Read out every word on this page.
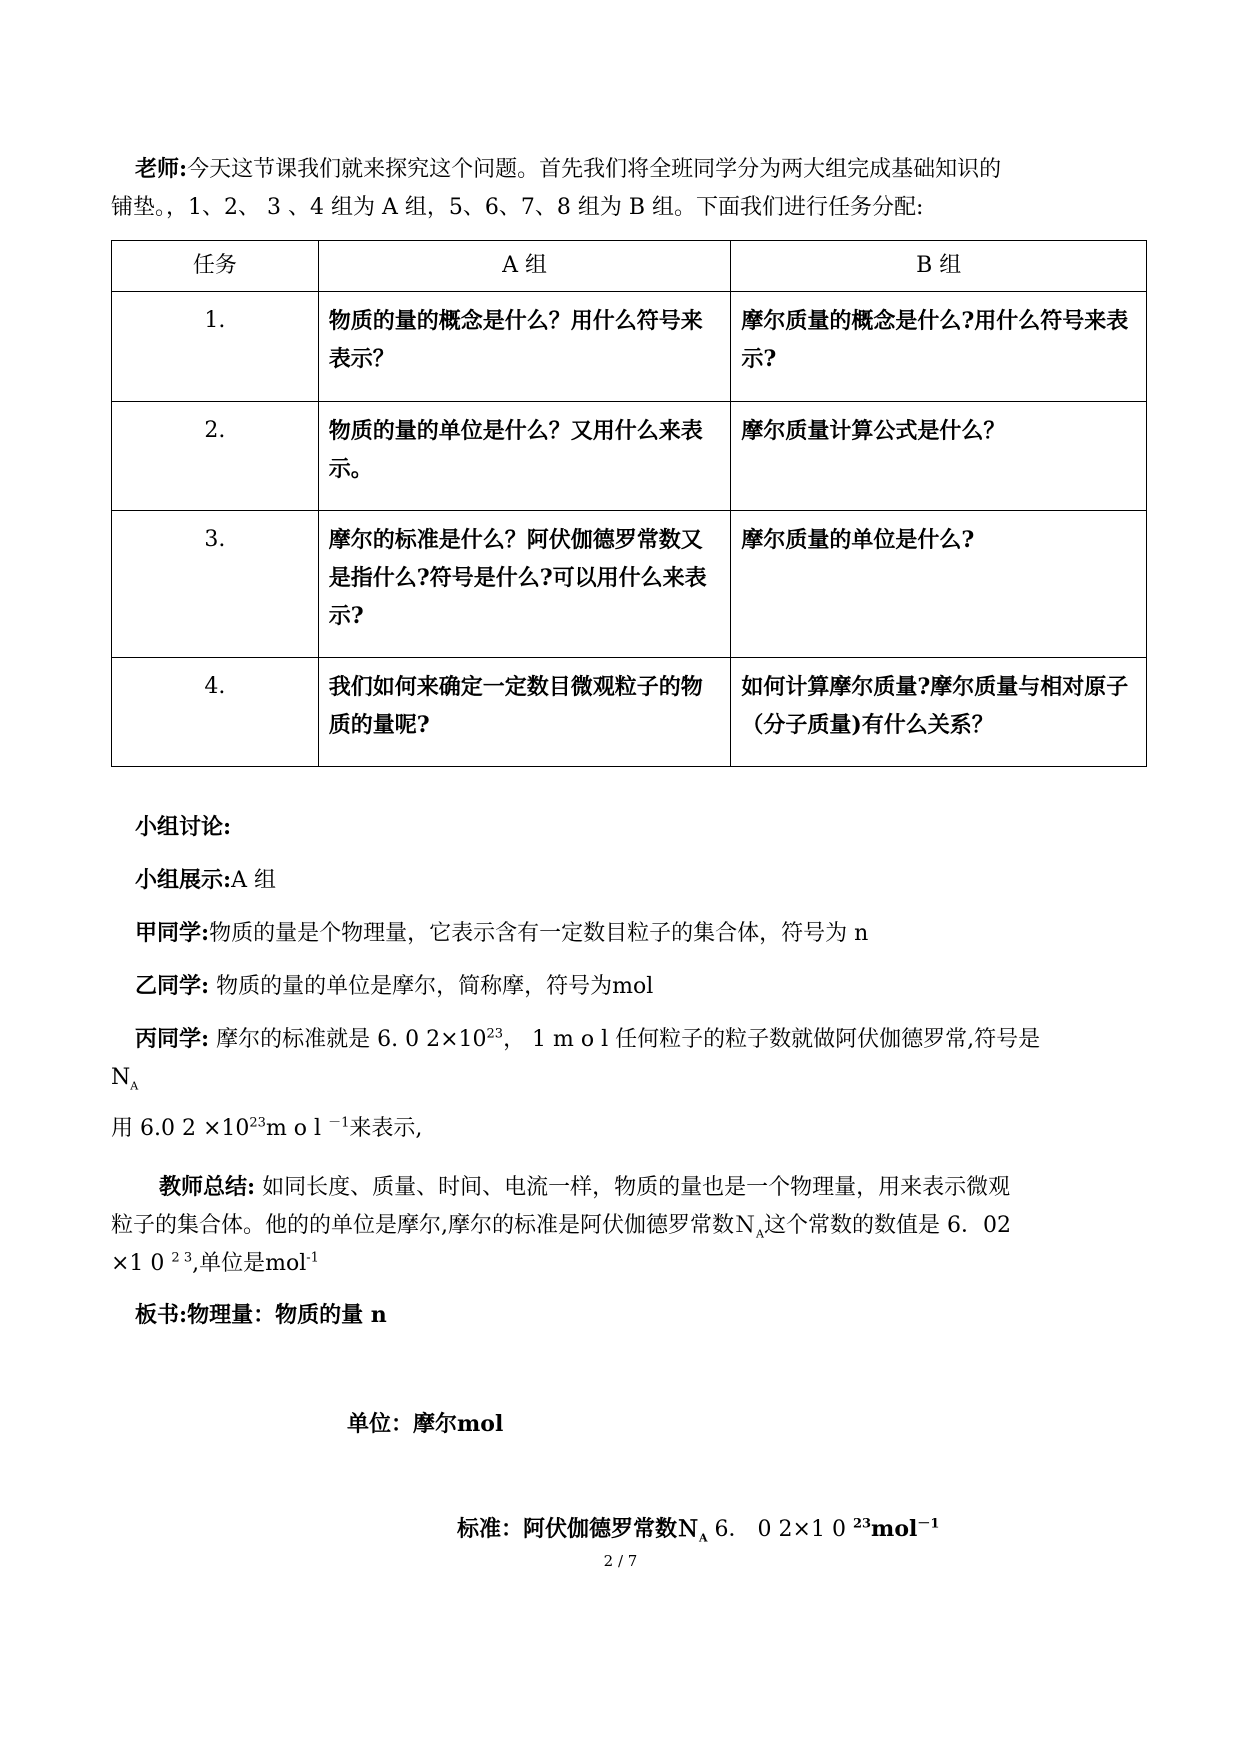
老师:今天这节课我们就来探究这个问题。首先我们将全班同学分为两大组完成基础知识的
铺垫。，1、2、 3 、4 组为 A 组，5、6、7、8 组为 B 组。下面我们进行任务分配:
任务	A 组	B 组
1.	物质的量的概念是什么？用什么符号来表示？	摩尔质量的概念是什么?用什么符号来表示?
2.	物质的量的单位是什么？又用什么来表示。	摩尔质量计算公式是什么？
3.	摩尔的标准是什么？阿伏伽德罗常数又是指什么?符号是什么?可以用什么来表示?	摩尔质量的单位是什么?
4.	我们如何来确定一定数目微观粒子的物质的量呢?	如何计算摩尔质量?摩尔质量与相对原子（分子质量)有什么关系？
小组讨论:
小组展示:A 组
甲同学:物质的量是个物理量，它表示含有一定数目粒子的集合体，符号为 n
乙同学: 物质的量的单位是摩尔，简称摩，符号为mol
丙同学: 摩尔的标准就是 6. 0 $2\times 10^{23}$， 1 m o l 任何粒子的粒子数就做阿伏伽德罗常,符号是
$N_A$
用 6.0 $2 \times 10^{23}m$ o l $^{-1}$来表示,
教师总结: 如同长度、质量、时间、电流一样，物质的量也是一个物理量，用来表示微观
粒子的集合体。他的的单位是摩尔,摩尔的标准是阿伏伽德罗常数Ｎ$_A$这个常数的数值是 6．02
×1 0 $^{2 3}$,单位是mol$^{-1}$
板书:物理量：物质的量 n
单位：摩尔mol
标准：阿伏伽德罗常数Ｎ$_A$ 6． 0 2×1 0 $^{23}$mol$^{-1}$
2 / 7
